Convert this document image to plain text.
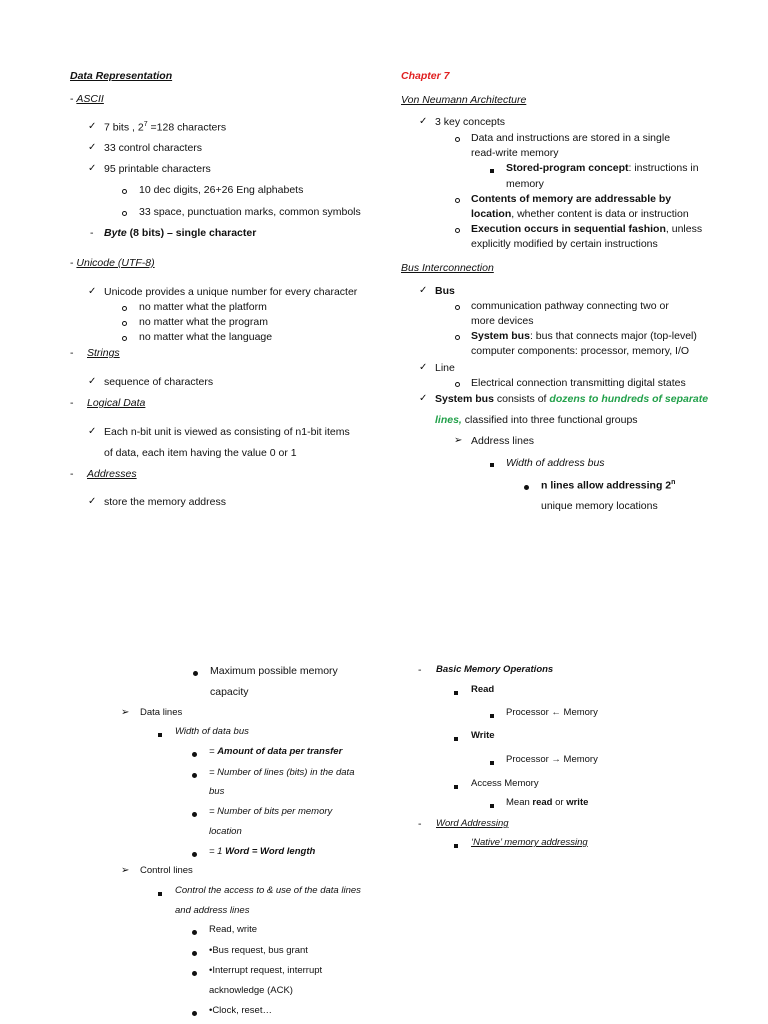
Data Representation
- ASCII
✓ 7 bits , $2^7 =128$ characters
✓ 33 control characters
✓ 95 printable characters
10 dec digits, 26+26 Eng alphabets
33 space, punctuation marks, common symbols
- Byte (8 bits) – single character
- Unicode (UTF-8)
✓ Unicode provides a unique number for every character
no matter what the platform
no matter what the program
no matter what the language
- Strings
✓ sequence of characters
- Logical Data
✓ Each n-bit unit is viewed as consisting of n1-bit items
of data, each item having the value 0 or 1
- Addresses
✓ store the memory address
Chapter 7
Von Neumann Architecture
✓ 3 key concepts
Data and instructions are stored in a single
read-write memory
Stored-program concept: instructions in
memory
Contents of memory are addressable by
location, whether content is data or instruction
Execution occurs in sequential fashion, unless
explicitly modified by certain instructions
Bus Interconnection
✓ Bus
communication pathway connecting two or
more devices
System bus: bus that connects major (top-level)
computer components: processor, memory, I/O
✓ Line
Electrical connection transmitting digital states
✓ System bus consists of dozens to hundreds of separate
lines, classified into three functional groups
➢ Address lines
Width of address bus
n lines allow addressing 2$^n$
unique memory locations
Maximum possible memory
capacity
➢ Data lines
Width of data bus
= Amount of data per transfer
= Number of lines (bits) in the data
bus
= Number of bits per memory
location
= 1 Word = Word length
➢ Control lines
Control the access to & use of the data lines
and address lines
Read, write
•Bus request, bus grant
•Interrupt request, interrupt
acknowledge (ACK)
•Clock, reset…
- Basic Memory Operations
Read
Processor ← Memory
Write
Processor → Memory
Access Memory
Mean read or write
- Word Addressing
‘Native’ memory addressing
